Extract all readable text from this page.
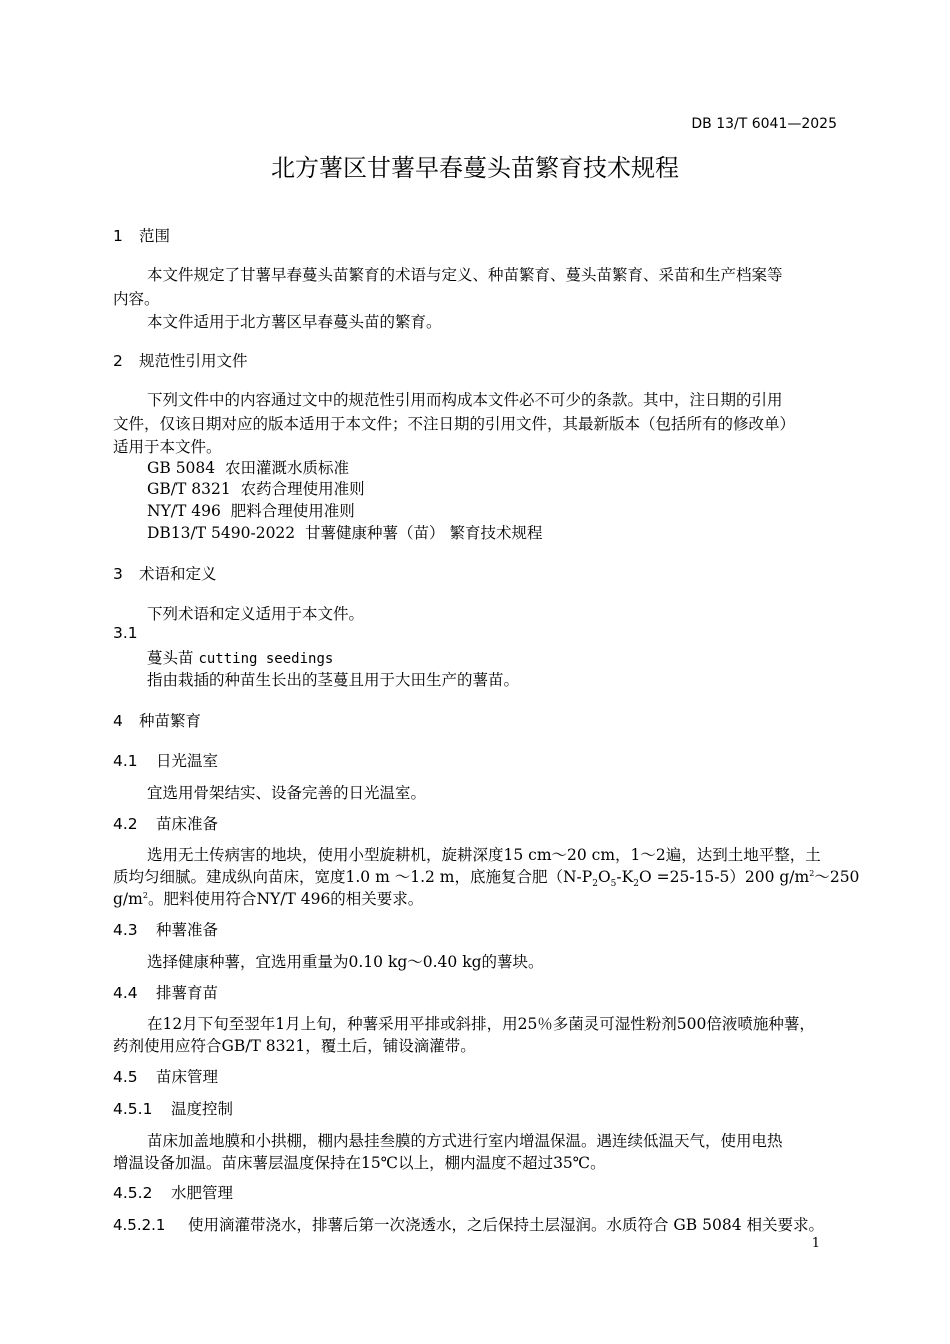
DB 13/T 6041—2025
北方薯区甘薯早春蔓头苗繁育技术规程
1 范围
本文件规定了甘薯早春蔓头苗繁育的术语与定义、种苗繁育、蔓头苗繁育、采苗和生产档案等
内容。
本文件适用于北方薯区早春蔓头苗的繁育。
2 规范性引用文件
下列文件中的内容通过文中的规范性引用而构成本文件必不可少的条款。其中，注日期的引用
文件，仅该日期对应的版本适用于本文件；不注日期的引用文件，其最新版本（包括所有的修改单）
适用于本文件。
GB 5084 农田灌溉水质标准
GB/T 8321 农药合理使用准则
NY/T 496 肥料合理使用准则
DB13/T 5490-2022 甘薯健康种薯（苗） 繁育技术规程
3 术语和定义
下列术语和定义适用于本文件。
3.1
蔓头苗 cutting seedings
指由栽插的种苗生长出的茎蔓且用于大田生产的薯苗。
4 种苗繁育
4.1 日光温室
宜选用骨架结实、设备完善的日光温室。
4.2 苗床准备
选用无土传病害的地块，使用小型旋耕机，旋耕深度15 cm～20 cm，1～2遍，达到土地平整，土
质均匀细腻。建成纵向苗床，宽度1.0 m ～1.2 m，底施复合肥$(N-P_2O_5-K_2O =25-15-5)200$ $g/m^2\sim 250$
$g/m^2$。肥料使用符合NY/T 496的相关要求。
4.3 种薯准备
选择健康种薯，宜选用重量为0.10 kg～0.40 kg的薯块。
4.4 排薯育苗
在12月下旬至翌年1月上旬，种薯采用平排或斜排，用25％多菌灵可湿性粉剂500倍液喷施种薯，
药剂使用应符合GB/T 8321，覆土后，铺设滴灌带。
4.5 苗床管理
4.5.1 温度控制
苗床加盖地膜和小拱棚，棚内悬挂叁膜的方式进行室内增温保温。遇连续低温天气，使用电热
增温设备加温。苗床薯层温度保持在15℃以上，棚内温度不超过35℃。
4.5.2 水肥管理
4.5.2.1 使用滴灌带浇水，排薯后第一次浇透水，之后保持土层湿润。水质符合 GB 5084 相关要求。
1
